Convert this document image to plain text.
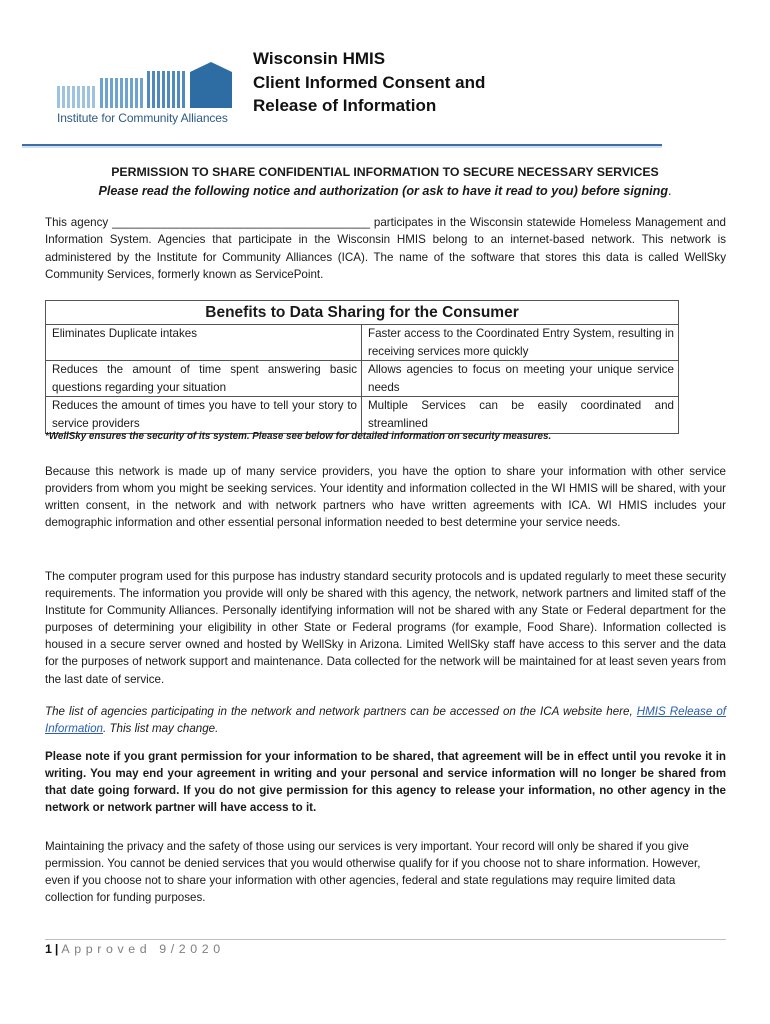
Institute for Community Alliances
Wisconsin HMIS
Client Informed Consent and
Release of Information
PERMISSION TO SHARE CONFIDENTIAL INFORMATION TO SECURE NECESSARY SERVICES
Please read the following notice and authorization (or ask to have it read to you) before signing.
This agency ________________________________________ participates in the Wisconsin statewide Homeless Management and Information System. Agencies that participate in the Wisconsin HMIS belong to an internet-based network. This network is administered by the Institute for Community Alliances (ICA). The name of the software that stores this data is called WellSky Community Services, formerly known as ServicePoint.
Benefits to Data Sharing for the Consumer	
Eliminates Duplicate intakes	Faster access to the Coordinated Entry System, resulting in receiving services more quickly
Reduces the amount of time spent answering basic questions regarding your situation	Allows agencies to focus on meeting your unique service needs
Reduces the amount of times you have to tell your story to service providers	Multiple Services can be easily coordinated and streamlined
*WellSky ensures the security of its system. Please see below for detailed information on security measures.
Because this network is made up of many service providers, you have the option to share your information with other service providers from whom you might be seeking services. Your identity and information collected in the WI HMIS will be shared, with your written consent, in the network and with network partners who have written agreements with ICA. WI HMIS includes your demographic information and other essential personal information needed to best determine your service needs.
The computer program used for this purpose has industry standard security protocols and is updated regularly to meet these security requirements. The information you provide will only be shared with this agency, the network, network partners and limited staff of the Institute for Community Alliances. Personally identifying information will not be shared with any State or Federal department for the purposes of determining your eligibility in other State or Federal programs (for example, Food Share). Information collected is housed in a secure server owned and hosted by WellSky in Arizona. Limited WellSky staff have access to this server and the data for the purposes of network support and maintenance. Data collected for the network will be maintained for at least seven years from the last date of service.
The list of agencies participating in the network and network partners can be accessed on the ICA website here, HMIS Release of Information. This list may change.
Please note if you grant permission for your information to be shared, that agreement will be in effect until you revoke it in writing. You may end your agreement in writing and your personal and service information will no longer be shared from that date going forward. If you do not give permission for this agency to release your information, no other agency in the network or network partner will have access to it.
Maintaining the privacy and the safety of those using our services is very important. Your record will only be shared if you give permission. You cannot be denied services that you would otherwise qualify for if you choose not to share information. However, even if you choose not to share your information with other agencies, federal and state regulations may require limited data collection for funding purposes.
1 | Approved 9/2020
